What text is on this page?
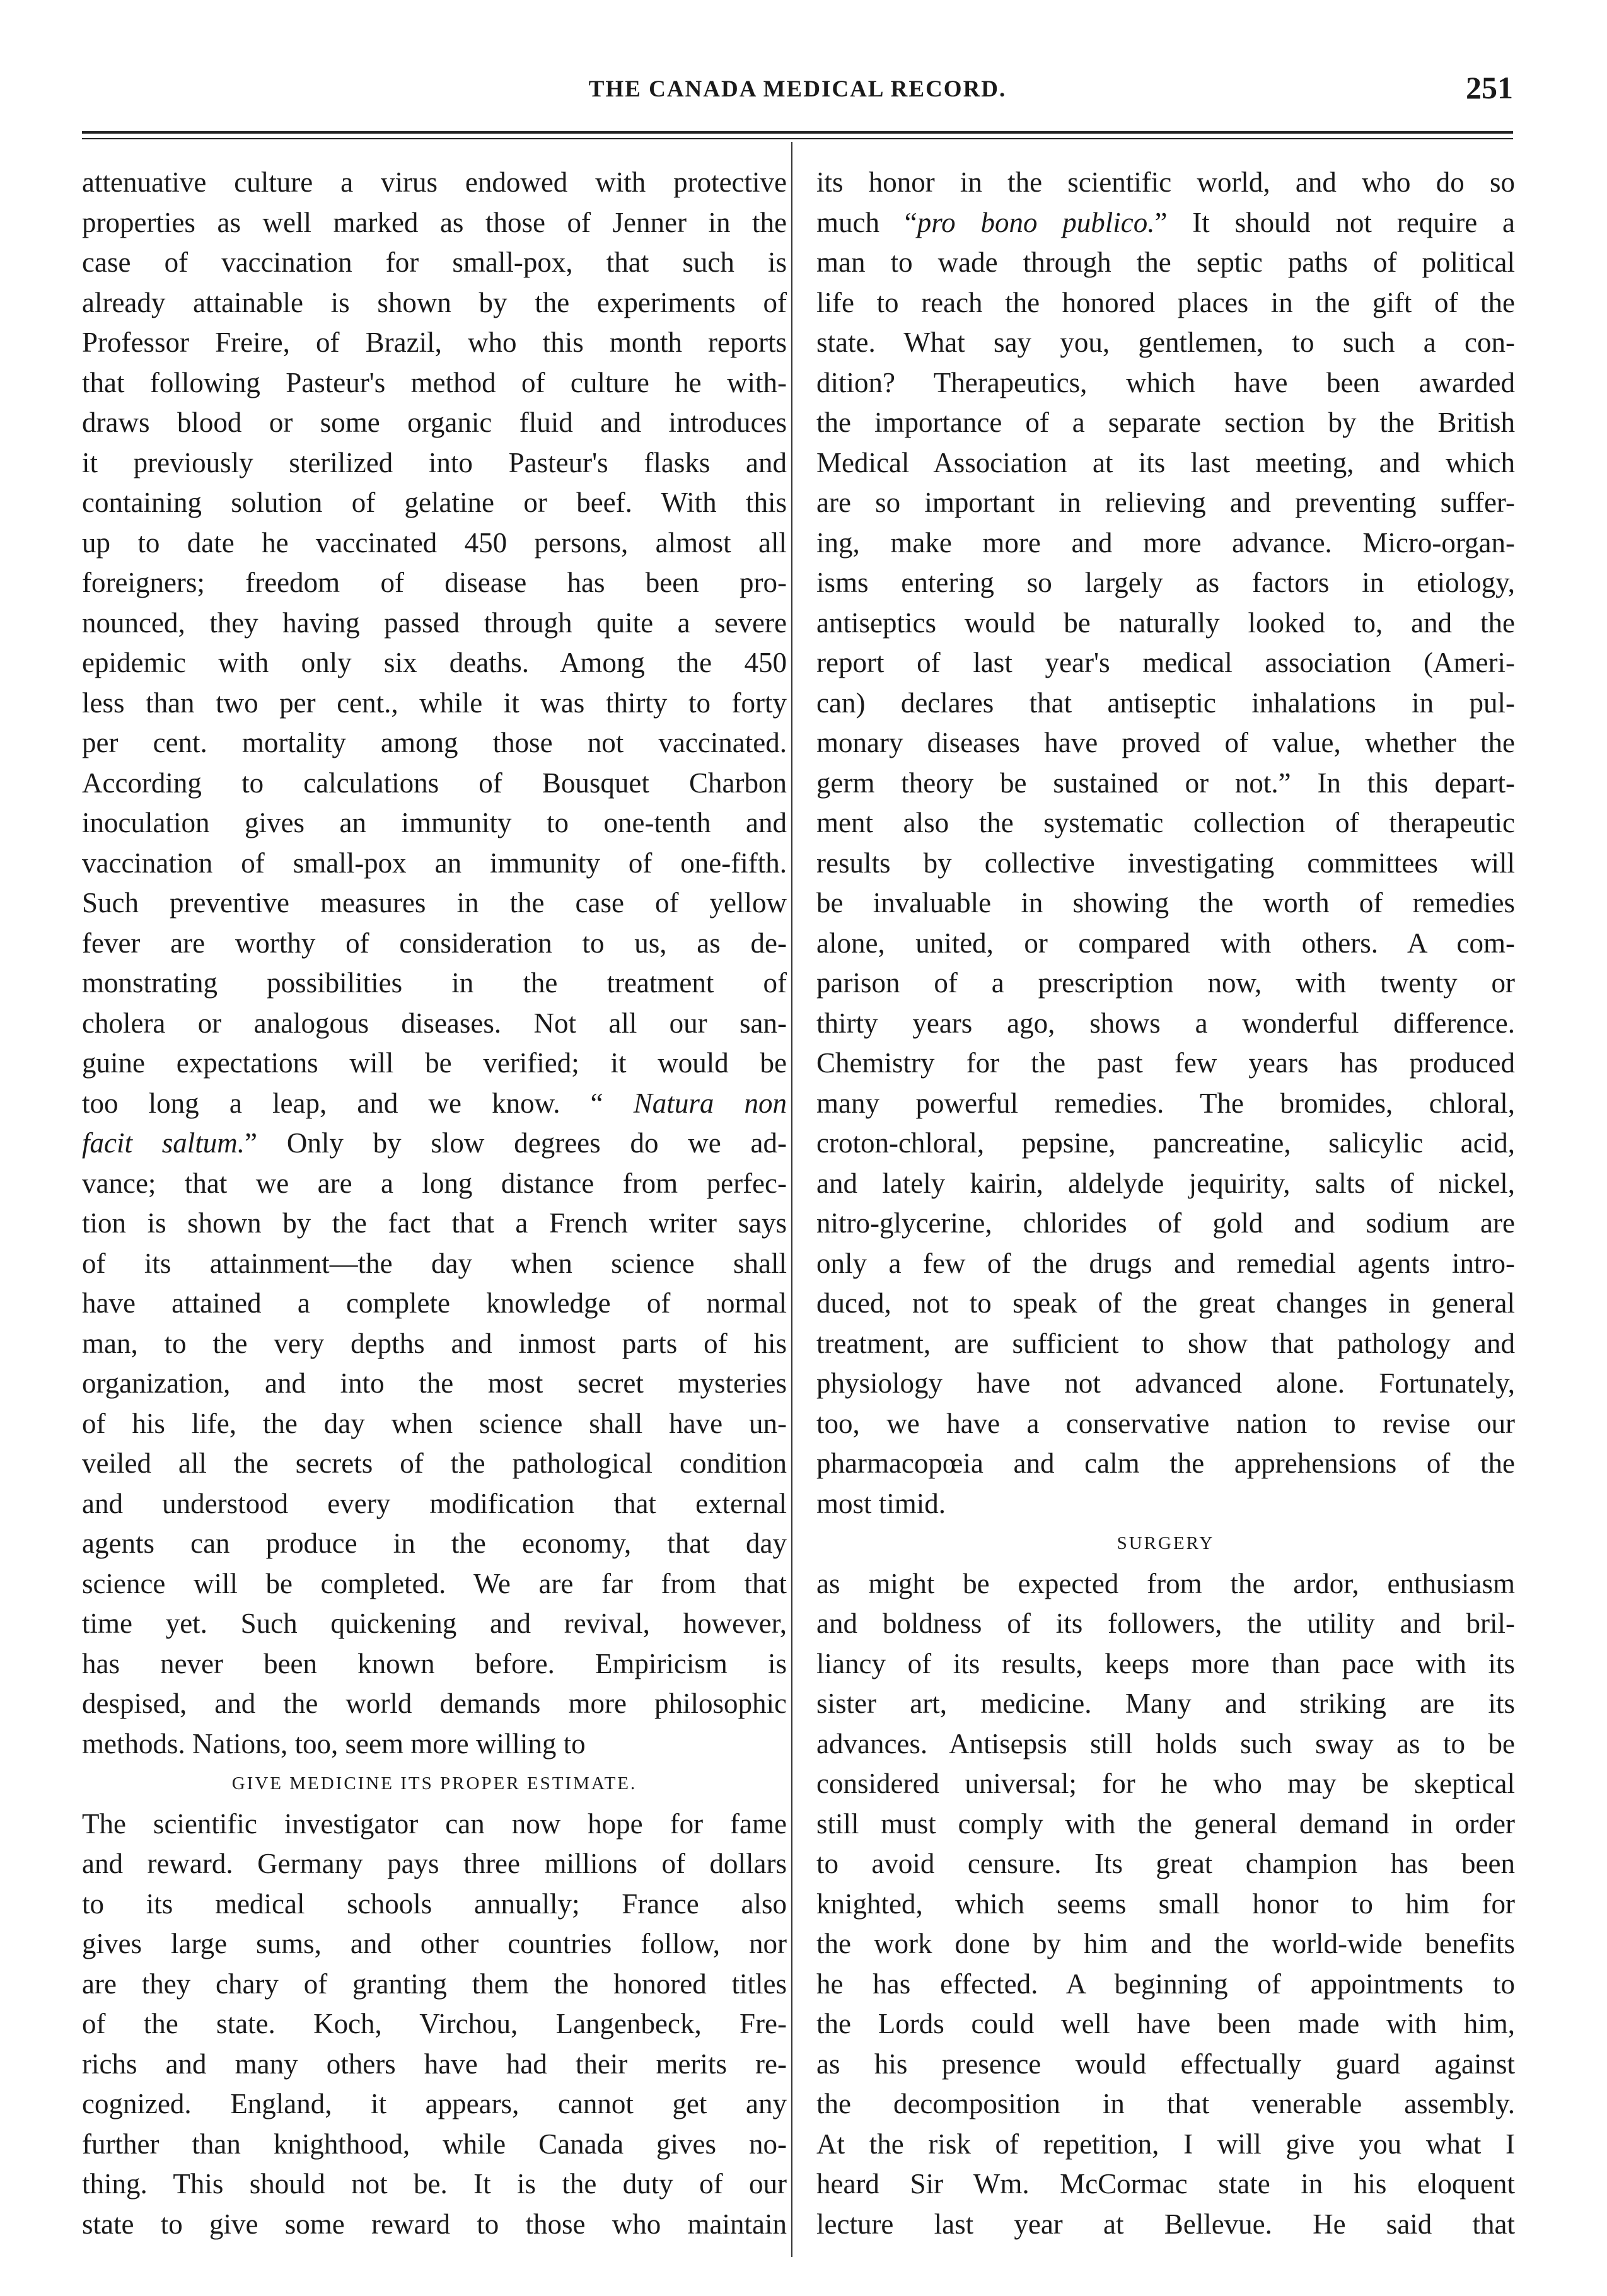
THE CANADA MEDICAL RECORD.	251
attenuative culture a virus endowed with protective
properties as well marked as those of Jenner in the
case of vaccination for small-pox, that such is
already attainable is shown by the experiments of
Professor Freire, of Brazil, who this month reports
that following Pasteur's method of culture he with-
draws blood or some organic fluid and introduces
it previously sterilized into Pasteur's flasks and
containing solution of gelatine or beef. With this
up to date he vaccinated 450 persons, almost all
foreigners; freedom of disease has been pro-
nounced, they having passed through quite a severe
epidemic with only six deaths. Among the 450
less than two per cent., while it was thirty to forty
per cent. mortality among those not vaccinated.
According to calculations of Bousquet Charbon
inoculation gives an immunity to one-tenth and
vaccination of small-pox an immunity of one-fifth.
Such preventive measures in the case of yellow
fever are worthy of consideration to us, as de-
monstrating possibilities in the treatment of
cholera or analogous diseases. Not all our san-
guine expectations will be verified; it would be
too long a leap, and we know. “ Natura non
facit saltum.” Only by slow degrees do we ad-
vance; that we are a long distance from perfec-
tion is shown by the fact that a French writer says
of its attainment—the day when science shall
have attained a complete knowledge of normal
man, to the very depths and inmost parts of his
organization, and into the most secret mysteries
of his life, the day when science shall have un-
veiled all the secrets of the pathological condition
and understood every modification that external
agents can produce in the economy, that day
science will be completed. We are far from that
time yet. Such quickening and revival, however,
has never been known before. Empiricism is
despised, and the world demands more philosophic
methods. Nations, too, seem more willing to
GIVE MEDICINE ITS PROPER ESTIMATE.
The scientific investigator can now hope for fame
and reward. Germany pays three millions of dollars
to its medical schools annually; France also
gives large sums, and other countries follow, nor
are they chary of granting them the honored titles
of the state. Koch, Virchou, Langenbeck, Fre-
richs and many others have had their merits re-
cognized. England, it appears, cannot get any
further than knighthood, while Canada gives no-
thing. This should not be. It is the duty of our
state to give some reward to those who maintain
its honor in the scientific world, and who do so
much “pro bono publico.” It should not require a
man to wade through the septic paths of political
life to reach the honored places in the gift of the
state. What say you, gentlemen, to such a con-
dition? Therapeutics, which have been awarded
the importance of a separate section by the British
Medical Association at its last meeting, and which
are so important in relieving and preventing suffer-
ing, make more and more advance. Micro-organ-
isms entering so largely as factors in etiology,
antiseptics would be naturally looked to, and the
report of last year's medical association (Ameri-
can) declares that antiseptic inhalations in pul-
monary diseases have proved of value, whether the
germ theory be sustained or not.” In this depart-
ment also the systematic collection of therapeutic
results by collective investigating committees will
be invaluable in showing the worth of remedies
alone, united, or compared with others. A com-
parison of a prescription now, with twenty or
thirty years ago, shows a wonderful difference.
Chemistry for the past few years has produced
many powerful remedies. The bromides, chloral,
croton-chloral, pepsine, pancreatine, salicylic acid,
and lately kairin, aldelyde jequirity, salts of nickel,
nitro-glycerine, chlorides of gold and sodium are
only a few of the drugs and remedial agents intro-
duced, not to speak of the great changes in general
treatment, are sufficient to show that pathology and
physiology have not advanced alone. Fortunately,
too, we have a conservative nation to revise our
pharmacopœia and calm the apprehensions of the
most timid.
SURGERY
as might be expected from the ardor, enthusiasm
and boldness of its followers, the utility and bril-
liancy of its results, keeps more than pace with its
sister art, medicine. Many and striking are its
advances. Antisepsis still holds such sway as to be
considered universal; for he who may be skeptical
still must comply with the general demand in order
to avoid censure. Its great champion has been
knighted, which seems small honor to him for
the work done by him and the world-wide benefits
he has effected. A beginning of appointments to
the Lords could well have been made with him,
as his presence would effectually guard against
the decomposition in that venerable assembly.
At the risk of repetition, I will give you what I
heard Sir Wm. McCormac state in his eloquent
lecture last year at Bellevue. He said that
